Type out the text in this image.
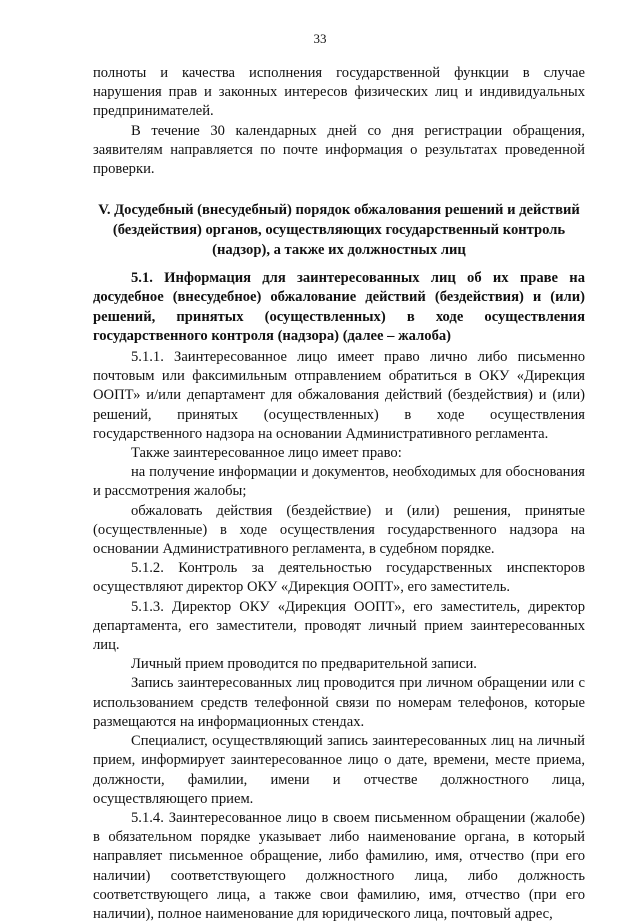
33

полноты и качества исполнения государственной функции в случае нарушения прав и законных интересов физических лиц и индивидуальных предпринимателей.

В течение 30 календарных дней со дня регистрации обращения, заявителям направляется по почте информация о результатах проведенной проверки.

V. Досудебный (внесудебный) порядок обжалования решений и действий (бездействия) органов, осуществляющих государственный контроль (надзор), а также их должностных лиц

5.1. Информация для заинтересованных лиц об их праве на досудебное (внесудебное) обжалование действий (бездействия) и (или) решений, принятых (осуществленных) в ходе осуществления государственного контроля (надзора) (далее – жалоба)

5.1.1. Заинтересованное лицо имеет право лично либо письменно почтовым или факсимильным отправлением обратиться в ОКУ «Дирекция ООПТ» и/или департамент для обжалования действий (бездействия) и (или) решений, принятых (осуществленных) в ходе осуществления государственного надзора на основании Административного регламента.

Также заинтересованное лицо имеет право:

на получение информации и документов, необходимых для обоснования и рассмотрения жалобы;

обжаловать действия (бездействие) и (или) решения, принятые (осуществленные) в ходе осуществления государственного надзора на основании Административного регламента, в судебном порядке.

5.1.2. Контроль за деятельностью государственных инспекторов осуществляют директор ОКУ «Дирекция ООПТ», его заместитель.

5.1.3. Директор ОКУ «Дирекция ООПТ», его заместитель, директор департамента, его заместители, проводят личный прием заинтересованных лиц.

Личный прием проводится по предварительной записи.

Запись заинтересованных лиц проводится при личном обращении или с использованием средств телефонной связи по номерам телефонов, которые размещаются на информационных стендах.

Специалист, осуществляющий запись заинтересованных лиц на личный прием, информирует заинтересованное лицо о дате, времени, месте приема, должности, фамилии, имени и отчестве должностного лица, осуществляющего прием.

5.1.4. Заинтересованное лицо в своем письменном обращении (жалобе) в обязательном порядке указывает либо наименование органа, в который направляет письменное обращение, либо фамилию, имя, отчество (при его наличии) соответствующего должностного лица, либо должность соответствующего лица, а также свои фамилию, имя, отчество (при его наличии), полное наименование для юридического лица, почтовый адрес,
